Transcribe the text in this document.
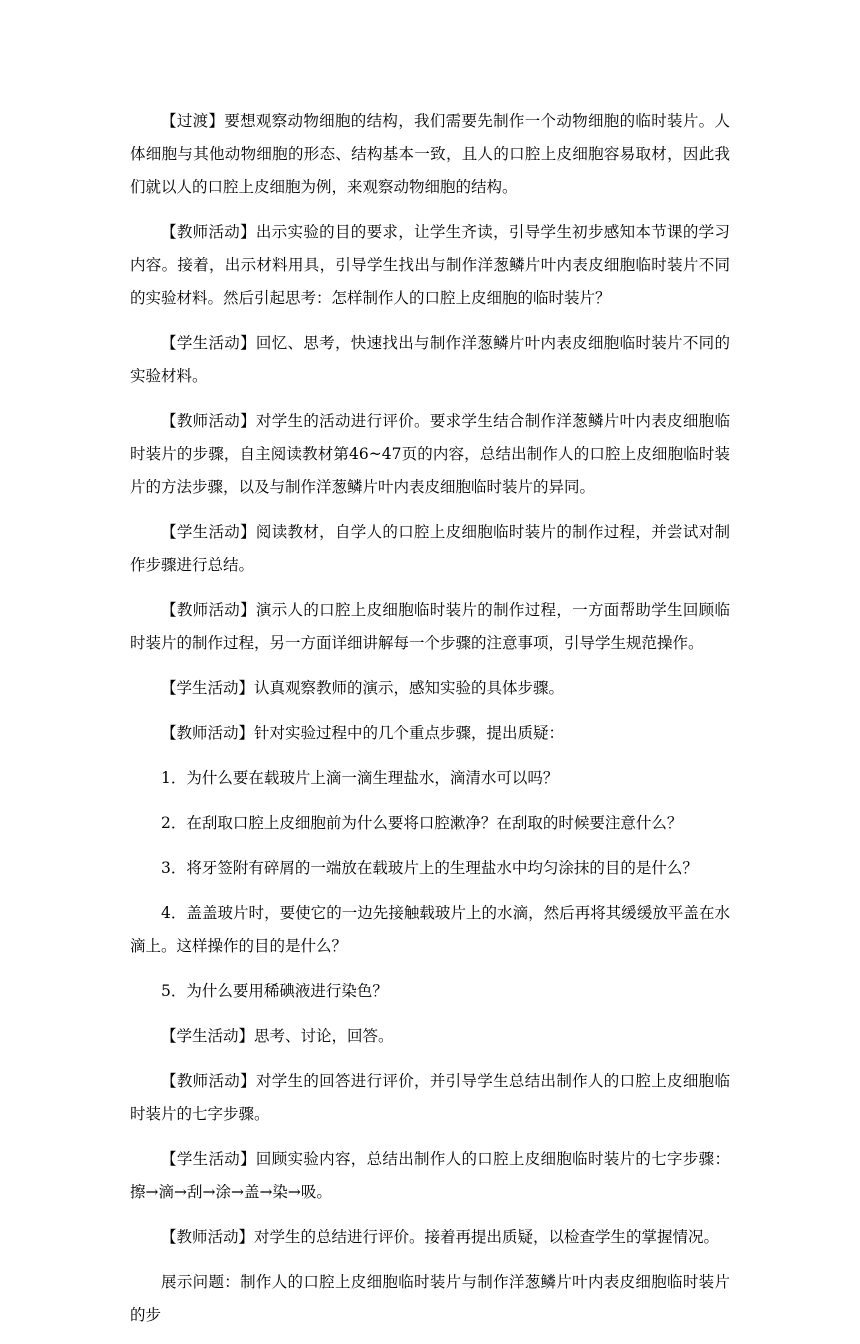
【过渡】要想观察动物细胞的结构，我们需要先制作一个动物细胞的临时装片。人体细胞与其他动物细胞的形态、结构基本一致，且人的口腔上皮细胞容易取材，因此我们就以人的口腔上皮细胞为例，来观察动物细胞的结构。

【教师活动】出示实验的目的要求，让学生齐读，引导学生初步感知本节课的学习内容。接着，出示材料用具，引导学生找出与制作洋葱鳞片叶内表皮细胞临时装片不同的实验材料。然后引起思考：怎样制作人的口腔上皮细胞的临时装片？

【学生活动】回忆、思考，快速找出与制作洋葱鳞片叶内表皮细胞临时装片不同的实验材料。

【教师活动】对学生的活动进行评价。要求学生结合制作洋葱鳞片叶内表皮细胞临时装片的步骤，自主阅读教材第46~47页的内容，总结出制作人的口腔上皮细胞临时装片的方法步骤，以及与制作洋葱鳞片叶内表皮细胞临时装片的异同。

【学生活动】阅读教材，自学人的口腔上皮细胞临时装片的制作过程，并尝试对制作步骤进行总结。

【教师活动】演示人的口腔上皮细胞临时装片的制作过程，一方面帮助学生回顾临时装片的制作过程，另一方面详细讲解每一个步骤的注意事项，引导学生规范操作。

【学生活动】认真观察教师的演示，感知实验的具体步骤。

【教师活动】针对实验过程中的几个重点步骤，提出质疑：

1．为什么要在载玻片上滴一滴生理盐水，滴清水可以吗？

2．在刮取口腔上皮细胞前为什么要将口腔漱净？在刮取的时候要注意什么？

3．将牙签附有碎屑的一端放在载玻片上的生理盐水中均匀涂抹的目的是什么？

4．盖盖玻片时，要使它的一边先接触载玻片上的水滴，然后再将其缓缓放平盖在水滴上。这样操作的目的是什么？

5．为什么要用稀碘液进行染色？

【学生活动】思考、讨论，回答。

【教师活动】对学生的回答进行评价，并引导学生总结出制作人的口腔上皮细胞临时装片的七字步骤。

【学生活动】回顾实验内容，总结出制作人的口腔上皮细胞临时装片的七字步骤：擦→滴→刮→涂→盖→染→吸。

【教师活动】对学生的总结进行评价。接着再提出质疑，以检查学生的掌握情况。

展示问题：制作人的口腔上皮细胞临时装片与制作洋葱鳞片叶内表皮细胞临时装片的步
